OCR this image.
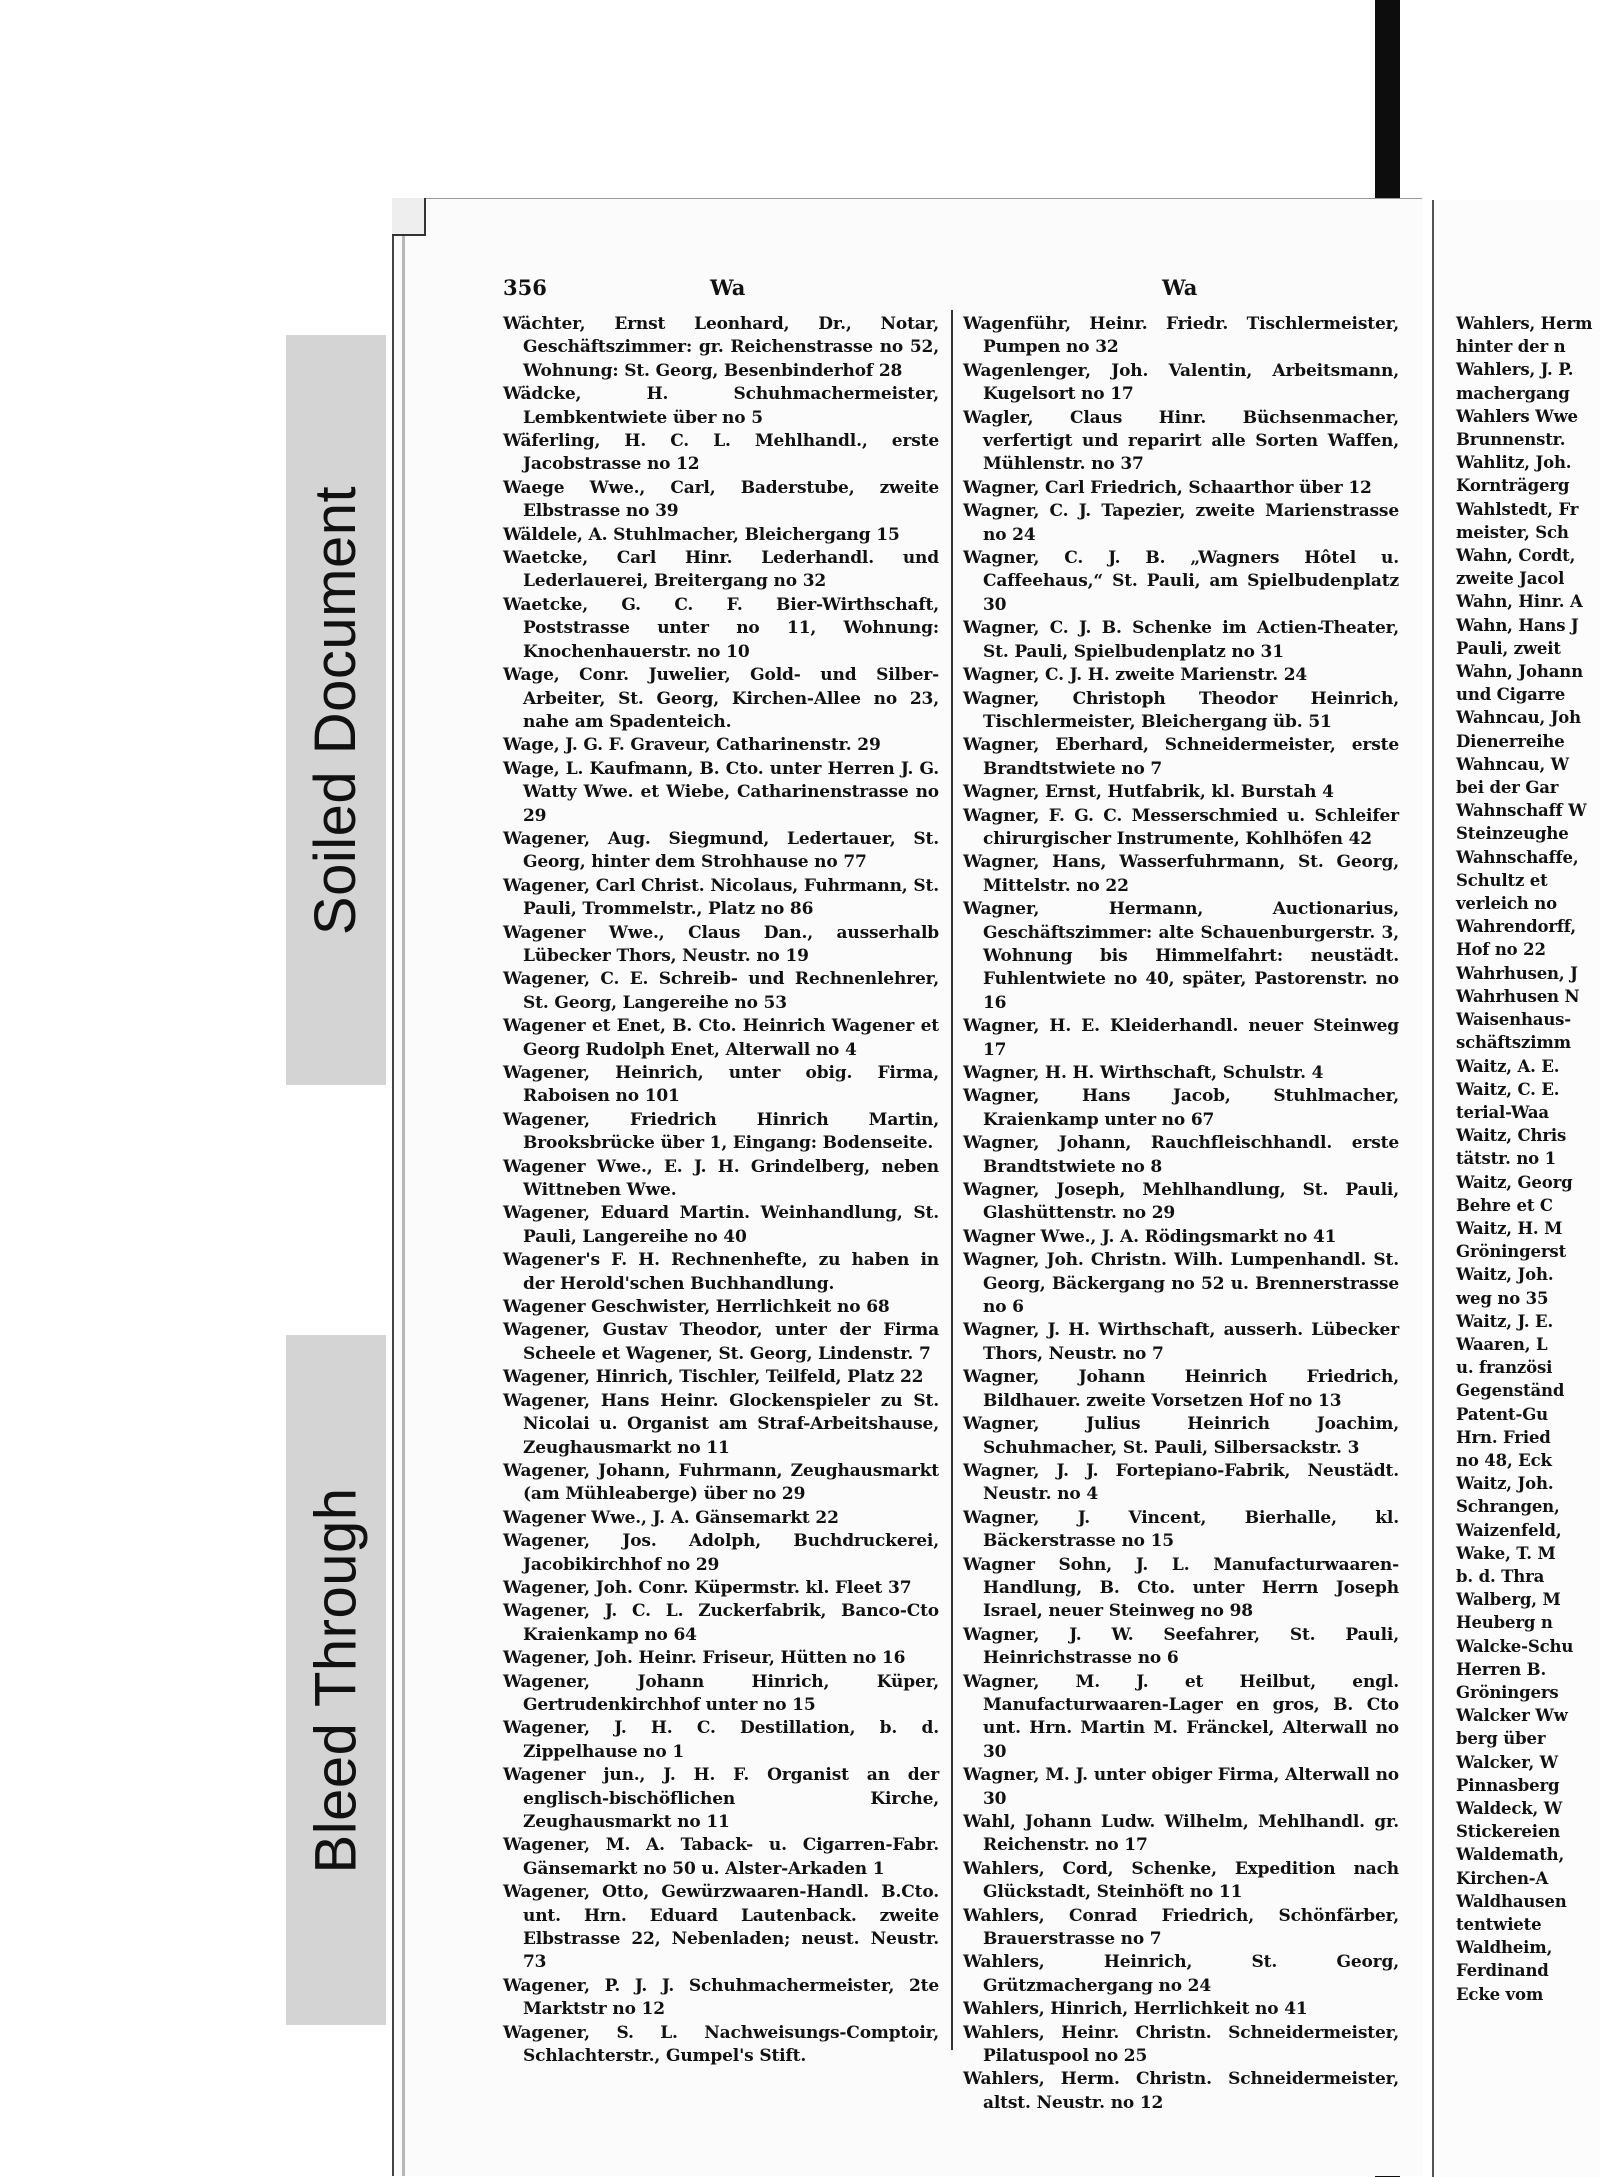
Soiled Document
Bleed Through
356	Wa	Wa
Wächter, Ernst Leonhard, Dr., Notar, Geschäftszimmer: gr. Reichenstrasse no 52, Wohnung: St. Georg, Besenbinderhof 28
Wädcke, H. Schuhmachermeister, Lembkentwiete über no 5
Wäferling, H. C. L. Mehlhandl., erste Jacobstrasse no 12
Waege Wwe., Carl, Baderstube, zweite Elbstrasse no 39
Wäldele, A. Stuhlmacher, Bleichergang 15
Waetcke, Carl Hinr. Lederhandl. und Lederlauerei, Breitergang no 32
Waetcke, G. C. F. Bier-Wirthschaft, Poststrasse unter no 11, Wohnung: Knochenhauerstr. no 10
Wage, Conr. Juwelier, Gold- und Silber-Arbeiter, St. Georg, Kirchen-Allee no 23, nahe am Spadenteich.
Wage, J. G. F. Graveur, Catharinenstr. 29
Wage, L. Kaufmann, B. Cto. unter Herren J. G. Watty Wwe. et Wiebe, Catharinenstrasse no 29
Wagener, Aug. Siegmund, Ledertauer, St. Georg, hinter dem Strohhause no 77
Wagener, Carl Christ. Nicolaus, Fuhrmann, St. Pauli, Trommelstr., Platz no 86
Wagener Wwe., Claus Dan., ausserhalb Lübecker Thors, Neustr. no 19
Wagener, C. E. Schreib- und Rechnenlehrer, St. Georg, Langereihe no 53
Wagener et Enet, B. Cto. Heinrich Wagener et Georg Rudolph Enet, Alterwall no 4
Wagener, Heinrich, unter obig. Firma, Raboisen no 101
Wagener, Friedrich Hinrich Martin, Brooksbrücke über 1, Eingang: Bodenseite.
Wagener Wwe., E. J. H. Grindelberg, neben Wittneben Wwe.
Wagener, Eduard Martin. Weinhandlung, St. Pauli, Langereihe no 40
Wagener's F. H. Rechnenhefte, zu haben in der Herold'schen Buchhandlung.
Wagener Geschwister, Herrlichkeit no 68
Wagener, Gustav Theodor, unter der Firma Scheele et Wagener, St. Georg, Lindenstr. 7
Wagener, Hinrich, Tischler, Teilfeld, Platz 22
Wagener, Hans Heinr. Glockenspieler zu St. Nicolai u. Organist am Straf-Arbeitshause, Zeughausmarkt no 11
Wagener, Johann, Fuhrmann, Zeughausmarkt (am Mühleaberge) über no 29
Wagener Wwe., J. A. Gänsemarkt 22
Wagener, Jos. Adolph, Buchdruckerei, Jacobikirchhof no 29
Wagener, Joh. Conr. Küpermstr. kl. Fleet 37
Wagener, J. C. L. Zuckerfabrik, Banco-Cto Kraienkamp no 64
Wagener, Joh. Heinr. Friseur, Hütten no 16
Wagener, Johann Hinrich, Küper, Gertrudenkirchhof unter no 15
Wagener, J. H. C. Destillation, b. d. Zippelhause no 1
Wagener jun., J. H. F. Organist an der englisch-bischöflichen Kirche, Zeughausmarkt no 11
Wagener, M. A. Taback- u. Cigarren-Fabr. Gänsemarkt no 50 u. Alster-Arkaden 1
Wagener, Otto, Gewürzwaaren-Handl. B.Cto. unt. Hrn. Eduard Lautenback. zweite Elbstrasse 22, Nebenladen; neust. Neustr. 73
Wagener, P. J. J. Schuhmachermeister, 2te Marktstr no 12
Wagener, S. L. Nachweisungs-Comptoir, Schlachterstr., Gumpel's Stift.
Wagenführ, Heinr. Friedr. Tischlermeister, Pumpen no 32
Wagenlenger, Joh. Valentin, Arbeitsmann, Kugelsort no 17
Wagler, Claus Hinr. Büchsenmacher, verfertigt und reparirt alle Sorten Waffen, Mühlenstr. no 37
Wagner, Carl Friedrich, Schaarthor über 12
Wagner, C. J. Tapezier, zweite Marienstrasse no 24
Wagner, C. J. B. „Wagners Hôtel u. Caffeehaus,“ St. Pauli, am Spielbudenplatz 30
Wagner, C. J. B. Schenke im Actien-Theater, St. Pauli, Spielbudenplatz no 31
Wagner, C. J. H. zweite Marienstr. 24
Wagner, Christoph Theodor Heinrich, Tischlermeister, Bleichergang üb. 51
Wagner, Eberhard, Schneidermeister, erste Brandtstwiete no 7
Wagner, Ernst, Hutfabrik, kl. Burstah 4
Wagner, F. G. C. Messerschmied u. Schleifer chirurgischer Instrumente, Kohlhöfen 42
Wagner, Hans, Wasserfuhrmann, St. Georg, Mittelstr. no 22
Wagner, Hermann, Auctionarius, Geschäftszimmer: alte Schauenburgerstr. 3, Wohnung bis Himmelfahrt: neustädt. Fuhlentwiete no 40, später, Pastorenstr. no 16
Wagner, H. E. Kleiderhandl. neuer Steinweg 17
Wagner, H. H. Wirthschaft, Schulstr. 4
Wagner, Hans Jacob, Stuhlmacher, Kraienkamp unter no 67
Wagner, Johann, Rauchfleischhandl. erste Brandtstwiete no 8
Wagner, Joseph, Mehlhandlung, St. Pauli, Glashüttenstr. no 29
Wagner Wwe., J. A. Rödingsmarkt no 41
Wagner, Joh. Christn. Wilh. Lumpenhandl. St. Georg, Bäckergang no 52 u. Brennerstrasse no 6
Wagner, J. H. Wirthschaft, ausserh. Lübecker Thors, Neustr. no 7
Wagner, Johann Heinrich Friedrich, Bildhauer. zweite Vorsetzen Hof no 13
Wagner, Julius Heinrich Joachim, Schuhmacher, St. Pauli, Silbersackstr. 3
Wagner, J. J. Fortepiano-Fabrik, Neustädt. Neustr. no 4
Wagner, J. Vincent, Bierhalle, kl. Bäckerstrasse no 15
Wagner Sohn, J. L. Manufacturwaaren-Handlung, B. Cto. unter Herrn Joseph Israel, neuer Steinweg no 98
Wagner, J. W. Seefahrer, St. Pauli, Heinrichstrasse no 6
Wagner, M. J. et Heilbut, engl. Manufacturwaaren-Lager en gros, B. Cto unt. Hrn. Martin M. Fränckel, Alterwall no 30
Wagner, M. J. unter obiger Firma, Alterwall no 30
Wahl, Johann Ludw. Wilhelm, Mehlhandl. gr. Reichenstr. no 17
Wahlers, Cord, Schenke, Expedition nach Glückstadt, Steinhöft no 11
Wahlers, Conrad Friedrich, Schönfärber, Brauerstrasse no 7
Wahlers, Heinrich, St. Georg, Grützmachergang no 24
Wahlers, Hinrich, Herrlichkeit no 41
Wahlers, Heinr. Christn. Schneidermeister, Pilatuspool no 25
Wahlers, Herm. Christn. Schneidermeister, altst. Neustr. no 12
Wahlers, Herm
hinter der n
Wahlers, J. P.
machergang
Wahlers Wwe
Brunnenstr.
Wahlitz, Joh.
Kornträgerg
Wahlstedt, Fr
meister, Sch
Wahn, Cordt,
zweite Jacol
Wahn, Hinr. A
Wahn, Hans J
Pauli, zweit
Wahn, Johann
und Cigarre
Wahncau, Joh
Dienerreihe
Wahncau, W
bei der Gar
Wahnschaff W
Steinzeughe
Wahnschaffe,
Schultz et
verleich no
Wahrendorff,
Hof no 22
Wahrhusen, J
Wahrhusen N
Waisenhaus-
schäftszimm
Waitz, A. E.
Waitz, C. E.
terial-Waa
Waitz, Chris
tätstr. no 1
Waitz, Georg
Behre et C
Waitz, H. M
Gröningerst
Waitz, Joh.
weg no 35
Waitz, J. E.
Waaren, L
u. französi
Gegenständ
Patent-Gu
Hrn. Fried
no 48, Eck
Waitz, Joh.
Schrangen,
Waizenfeld,
Wake, T. M
b. d. Thra
Walberg, M
Heuberg n
Walcke-Schu
Herren B.
Gröningers
Walcker Ww
berg über
Walcker, W
Pinnasberg
Waldeck, W
Stickereien
Waldemath,
Kirchen-A
Waldhausen
tentwiete
Waldheim,
Ferdinand
Ecke vom
